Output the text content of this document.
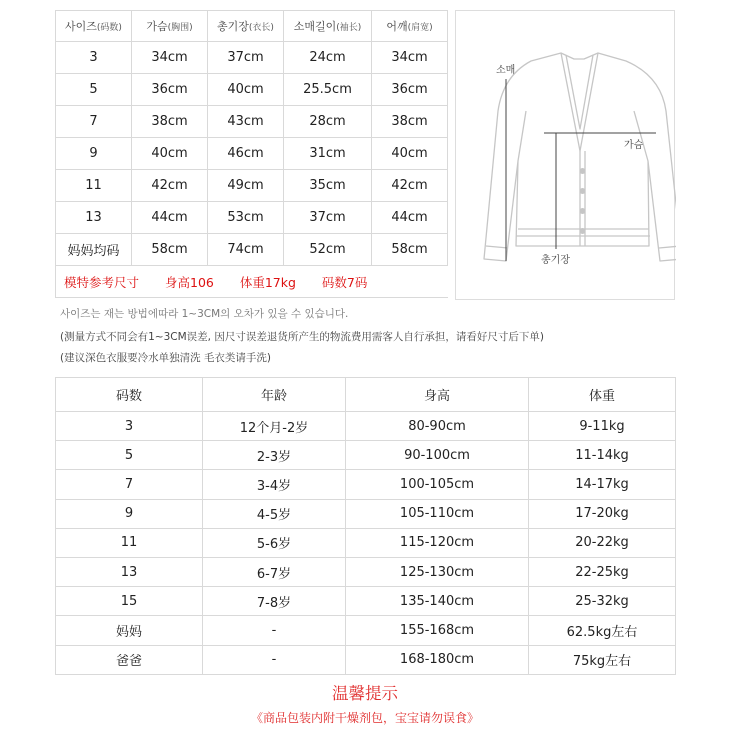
사이즈(码数)	가슴(胸围)	총기장(衣长)	소매길이(袖长)	어깨(肩宽)
3	34cm	37cm	24cm	34cm
5	36cm	40cm	25.5cm	36cm
7	38cm	43cm	28cm	38cm
9	40cm	46cm	31cm	40cm
11	42cm	49cm	35cm	42cm
13	44cm	53cm	37cm	44cm
妈妈均码	58cm	74cm	52cm	58cm
模特参考尺寸 身高106 体重17kg 码数7码				
소매
가슴
총기장
사이즈는 재는 방법에따라 1~3CM의 오차가 있을 수 있습니다.
(测量方式不同会有1~3CM误差, 因尺寸误差退货所产生的物流费用需客人自行承担，请看好尺寸后下单)
(建议深色衣服要冷水单独清洗 毛衣类请手洗)
码数	年龄	身高	体重
3	12个月-2岁	80-90cm	9-11kg
5	2-3岁	90-100cm	11-14kg
7	3-4岁	100-105cm	14-17kg
9	4-5岁	105-110cm	17-20kg
11	5-6岁	115-120cm	20-22kg
13	6-7岁	125-130cm	22-25kg
15	7-8岁	135-140cm	25-32kg
妈妈	-	155-168cm	62.5kg左右
爸爸	-	168-180cm	75kg左右
温馨提示
《商品包装内附干燥剂包，宝宝请勿误食》
